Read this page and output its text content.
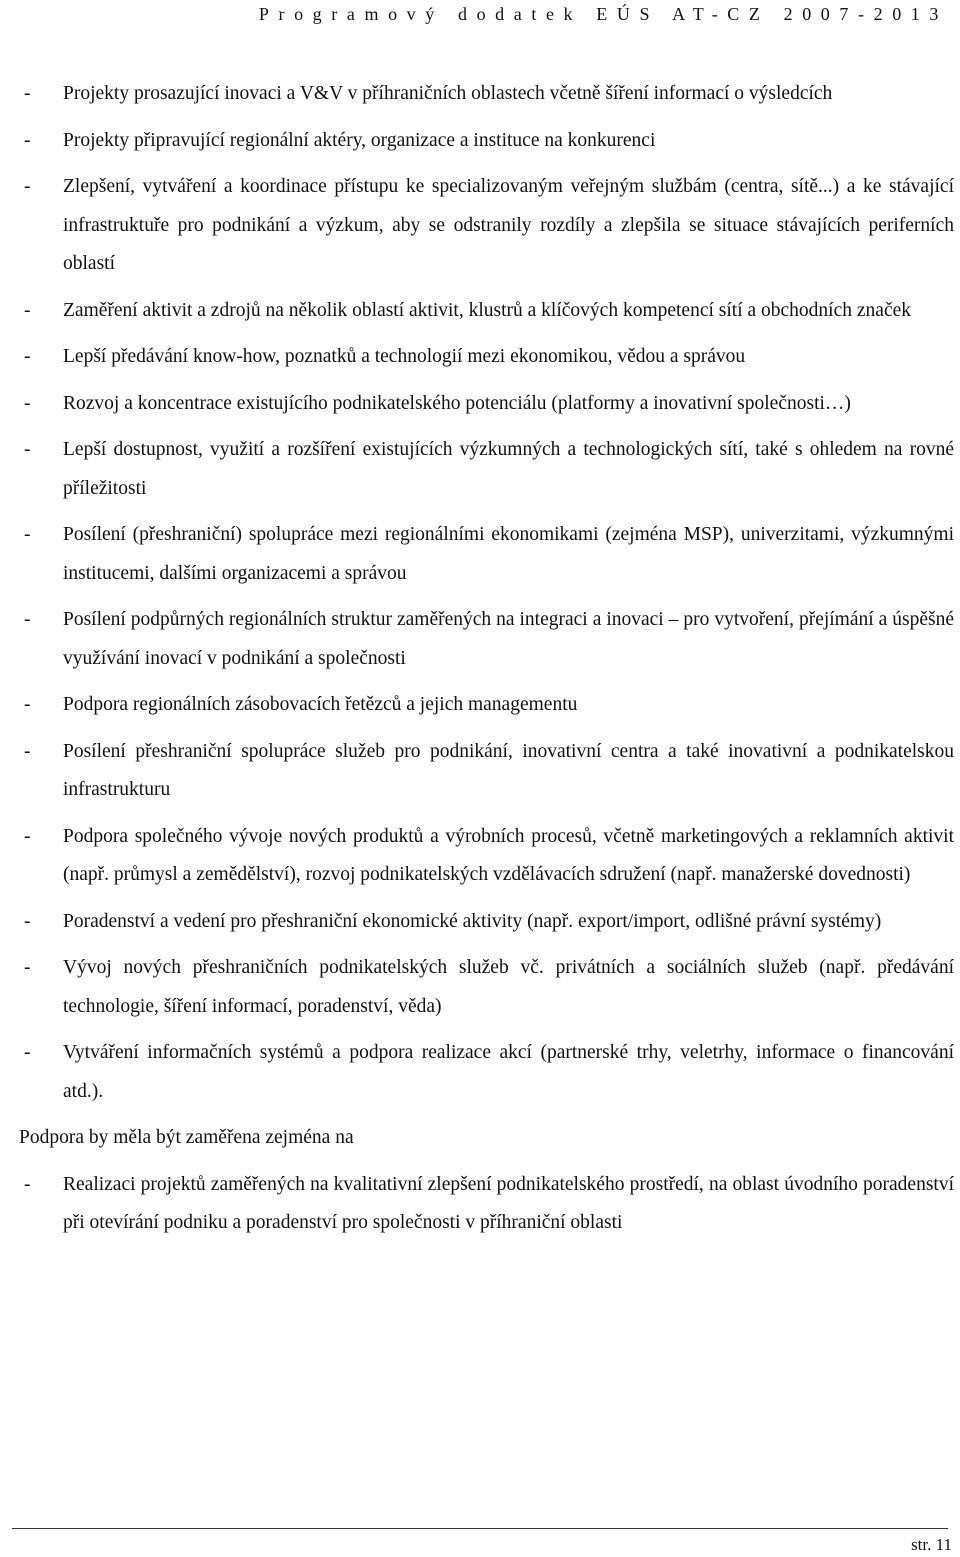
Programový dodatek EÚS AT-CZ 2007-2013
- Projekty prosazující inovaci a V&V v příhraničních oblastech včetně šíření informací o výsledcích
- Projekty připravující regionální aktéry, organizace a instituce na konkurenci
- Zlepšení, vytváření a koordinace přístupu ke specializovaným veřejným službám (centra, sítě...) a ke stávající infrastruktuře pro podnikání a výzkum, aby se odstranily rozdíly a zlepšila se situace stávajících periferních oblastí
- Zaměření aktivit a zdrojů na několik oblastí aktivit, klustrů a klíčových kompetencí sítí a obchodních značek
- Lepší předávání know-how, poznatků a technologií mezi ekonomikou, vědou a správou
- Rozvoj a koncentrace existujícího podnikatelského potenciálu (platformy a inovativní společnosti…)
- Lepší dostupnost, využití a rozšíření existujících výzkumných a technologických sítí, také s ohledem na rovné příležitosti
- Posílení (přeshraniční) spolupráce mezi regionálními ekonomikami (zejména MSP), univerzitami, výzkumnými institucemi, dalšími organizacemi a správou
- Posílení podpůrných regionálních struktur zaměřených na integraci a inovaci – pro vytvoření, přejímání a úspěšné využívání inovací v podnikání a společnosti
- Podpora regionálních zásobovacích řetězců a jejich managementu
- Posílení přeshraniční spolupráce služeb pro podnikání, inovativní centra a také inovativní a podnikatelskou infrastrukturu
- Podpora společného vývoje nových produktů a výrobních procesů, včetně marketingových a reklamních aktivit (např. průmysl a zemědělství), rozvoj podnikatelských vzdělávacích sdružení (např. manažerské dovednosti)
- Poradenství a vedení pro přeshraniční ekonomické aktivity (např. export/import, odlišné právní systémy)
- Vývoj nových přeshraničních podnikatelských služeb vč. privátních a sociálních služeb (např. předávání technologie, šíření informací, poradenství, věda)
- Vytváření informačních systémů a podpora realizace akcí (partnerské trhy, veletrhy, informace o financování atd.).

Podpora by měla být zaměřena zejména na

- Realizaci projektů zaměřených na kvalitativní zlepšení podnikatelského prostředí, na oblast úvodního poradenství při otevírání podniku a poradenství pro společnosti v příhraniční oblasti
str. 11
